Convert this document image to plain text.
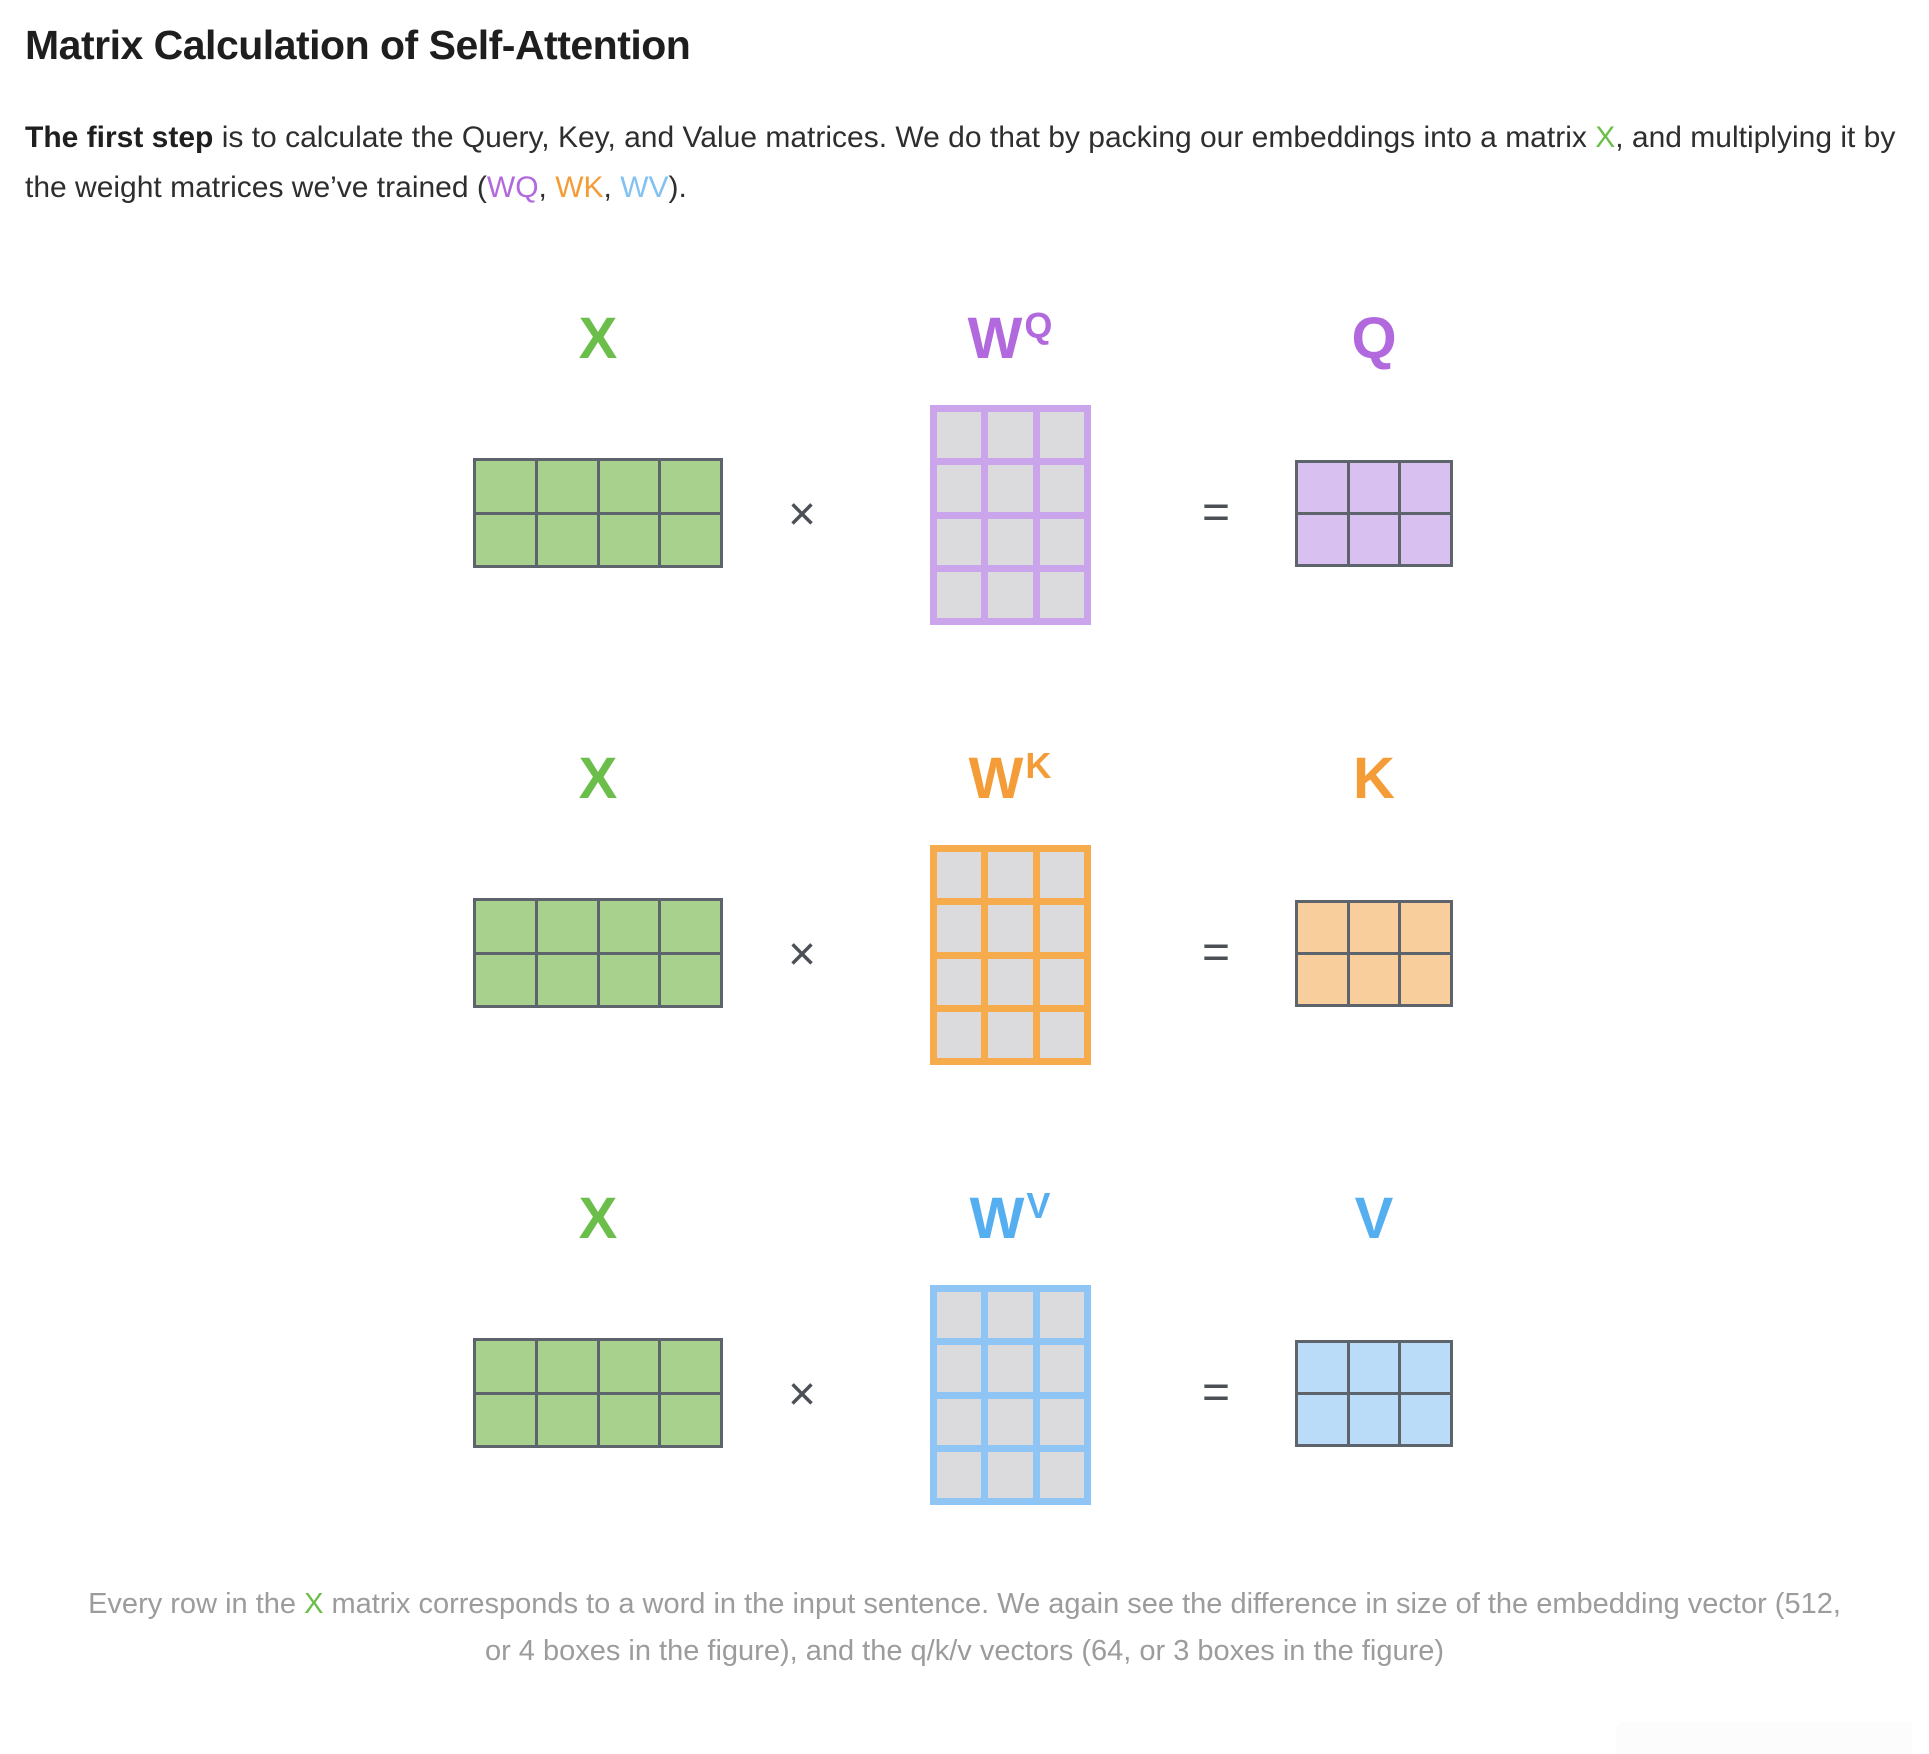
Matrix Calculation of Self-Attention

The first step is to calculate the Query, Key, and Value matrices. We do that by packing our embeddings into a matrix X, and multiplying it by the weight matrices we’ve trained (WQ, WK, WV).

X	$W^Q$	Q
×	=
X	$W^K$	K
×	=
X	$W^V$	V
×	=
Every row in the X matrix corresponds to a word in the input sentence. We again see the difference in size of the embedding vector (512,
or 4 boxes in the figure), and the q/k/v vectors (64, or 3 boxes in the figure)
